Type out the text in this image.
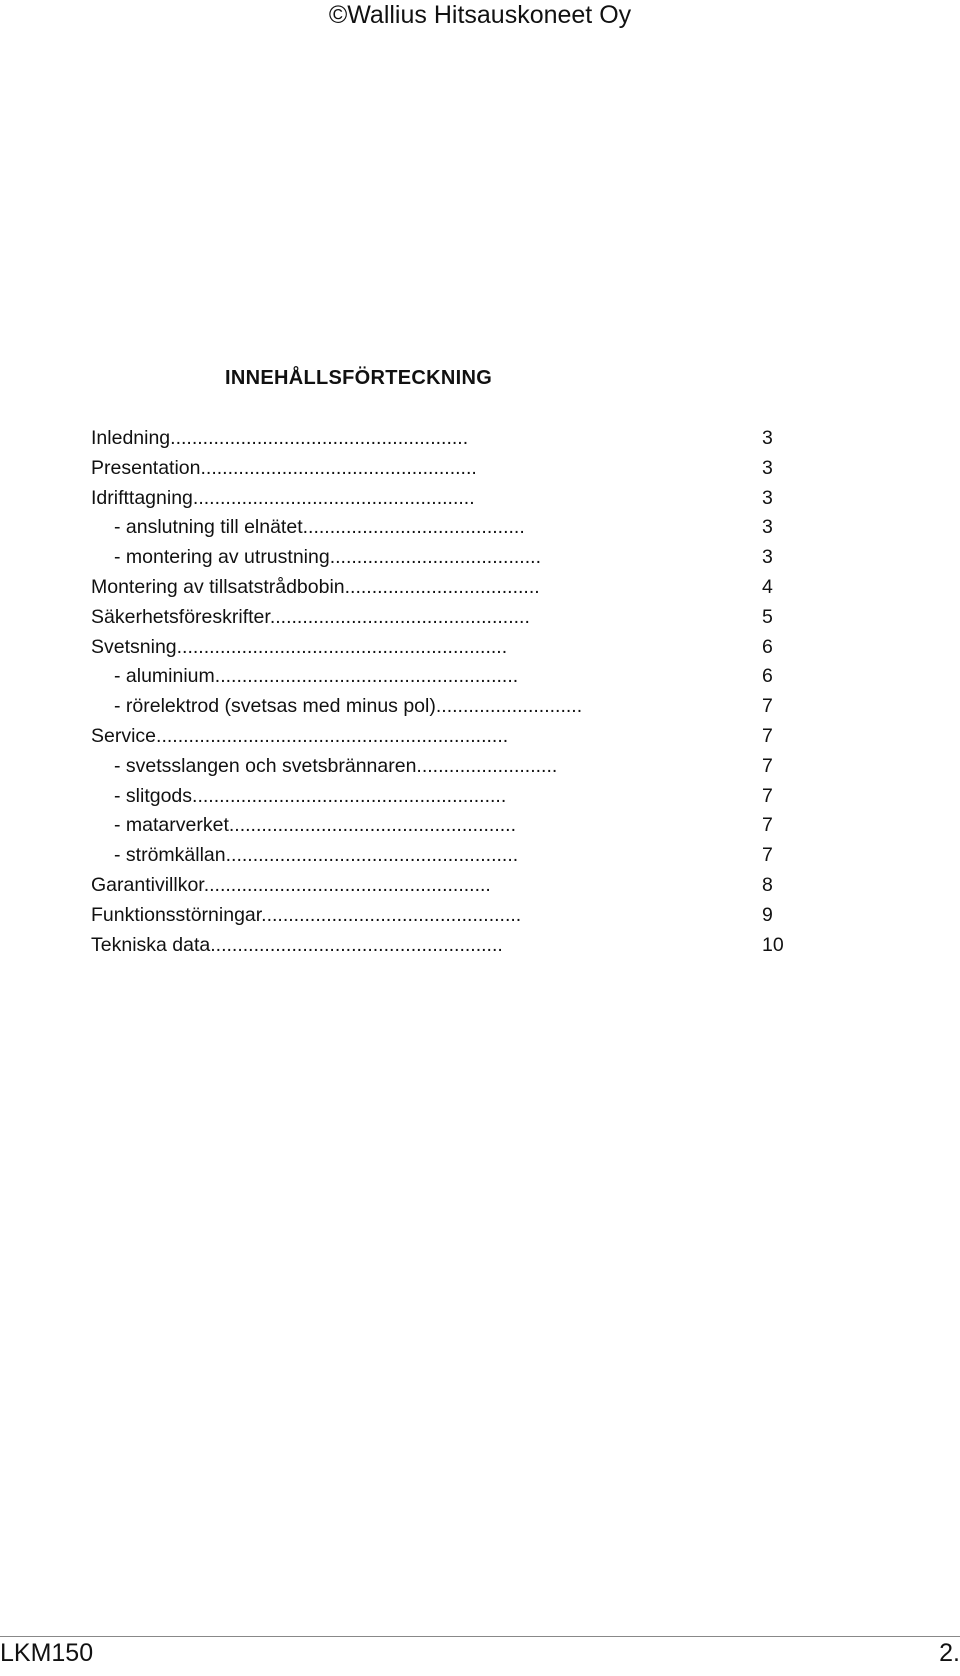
©Wallius Hitsauskoneet Oy
INNEHÅLLSFÖRTECKNING
Inledning.......................................................	3
Presentation...................................................	3
Idrifttagning....................................................	3
- anslutning till elnätet.........................................	3
- montering av utrustning.......................................	3
Montering av tillsatstrådbobin....................................	4
Säkerhetsföreskrifter................................................	5
Svetsning.............................................................	6
- aluminium........................................................	6
- rörelektrod (svetsas med minus pol)...........................	7
Service.................................................................	7
- svetsslangen och svetsbrännaren..........................	7
- slitgods..........................................................	7
- matarverket.....................................................	7
- strömkällan......................................................	7
Garantivillkor.....................................................	8
Funktionsstörningar................................................	9
Tekniska data......................................................	10
LKM150	2.
